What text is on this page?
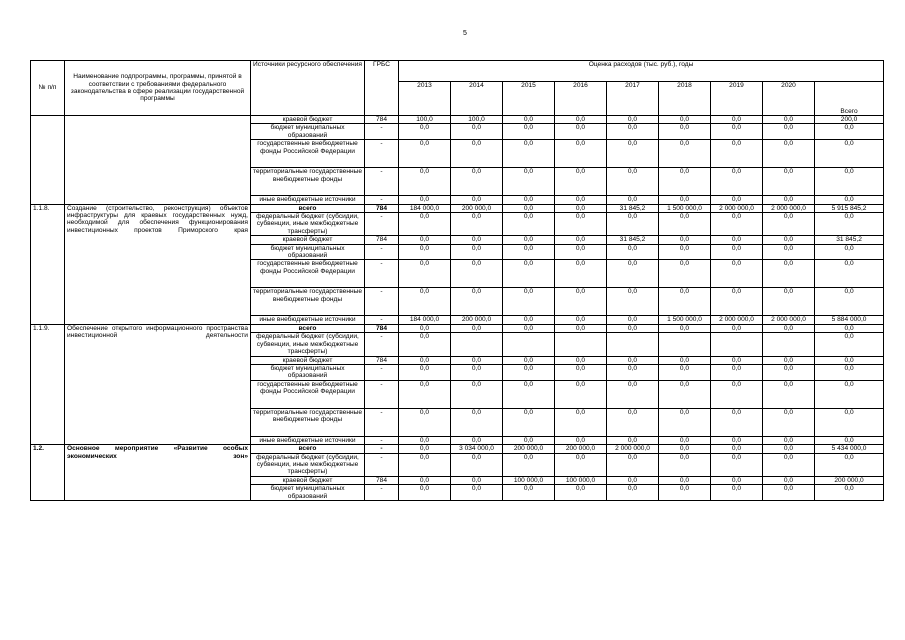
5
№ п/п	Наименование подпрограммы, программы, принятой в соответствии с требованиями федерального законодательства в сфере реализации государственной программы	Источники ресурсного обеспечения	ГРБС	Оценка расходов (тыс. руб.), годы								
				2013	2014	2015	2016	2017	2018	2019	2020	Всего
		краевой бюджет	784	100,0	100,0	0,0	0,0	0,0	0,0	0,0	0,0	200,0
		бюджет муниципальных образований	-	0,0	0,0	0,0	0,0	0,0	0,0	0,0	0,0	0,0
		государственные внебюджетные фонды Российской Федерации	-	0,0	0,0	0,0	0,0	0,0	0,0	0,0	0,0	0,0
		территориальные государственные внебюджетные фонды	-	0,0	0,0	0,0	0,0	0,0	0,0	0,0	0,0	0,0
		иные внебюджетные источники	-	0,0	0,0	0,0	0,0	0,0	0,0	0,0	0,0	0,0
1.1.8.	Создание (строительство, реконструкция) объектов инфраструктуры для краевых государственных нужд, необходимой для обеспечения функционирования инвестиционных проектов Приморского края	всего	784	184 000,0	200 000,0	0,0	0,0	31 845,2	1 500 000,0	2 000 000,0	2 000 000,0	5 915 845,2
		федеральный бюджет (субсидии, субвенции, иные межбюджетные трансферты)	-	0,0	0,0	0,0	0,0	0,0	0,0	0,0	0,0	0,0
		краевой бюджет	784	0,0	0,0	0,0	0,0	31 845,2	0,0	0,0	0,0	31 845,2
		бюджет муниципальных образований	-	0,0	0,0	0,0	0,0	0,0	0,0	0,0	0,0	0,0
		государственные внебюджетные фонды Российской Федерации	-	0,0	0,0	0,0	0,0	0,0	0,0	0,0	0,0	0,0
		территориальные государственные внебюджетные фонды	-	0,0	0,0	0,0	0,0	0,0	0,0	0,0	0,0	0,0
		иные внебюджетные источники	-	184 000,0	200 000,0	0,0	0,0	0,0	1 500 000,0	2 000 000,0	2 000 000,0	5 884 000,0
1.1.9.	Обеспечение открытого информационного пространства инвестиционной деятельности	всего	784	0,0	0,0	0,0	0,0	0,0	0,0	0,0	0,0	0,0
		федеральный бюджет (субсидии, субвенции, иные межбюджетные трансферты)	-	0,0								0,0
		краевой бюджет	784	0,0	0,0	0,0	0,0	0,0	0,0	0,0	0,0	0,0
		бюджет муниципальных образований	-	0,0	0,0	0,0	0,0	0,0	0,0	0,0	0,0	0,0
		государственные внебюджетные фонды Российской Федерации	-	0,0	0,0	0,0	0,0	0,0	0,0	0,0	0,0	0,0
		территориальные государственные внебюджетные фонды	-	0,0	0,0	0,0	0,0	0,0	0,0	0,0	0,0	0,0
		иные внебюджетные источники	-	0,0	0,0	0,0	0,0	0,0	0,0	0,0	0,0	0,0
1.2.	Основное мероприятие «Развитие особых экономических зон»	всего	-	0,0	3 034 000,0	200 000,0	200 000,0	2 000 000,0	0,0	0,0	0,0	5 434 000,0
		федеральный бюджет (субсидии, субвенции, иные межбюджетные трансферты)	-	0,0	0,0	0,0	0,0	0,0	0,0	0,0	0,0	0,0
		краевой бюджет	784	0,0	0,0	100 000,0	100 000,0	0,0	0,0	0,0	0,0	200 000,0
		бюджет муниципальных образований	-	0,0	0,0	0,0	0,0	0,0	0,0	0,0	0,0	0,0
